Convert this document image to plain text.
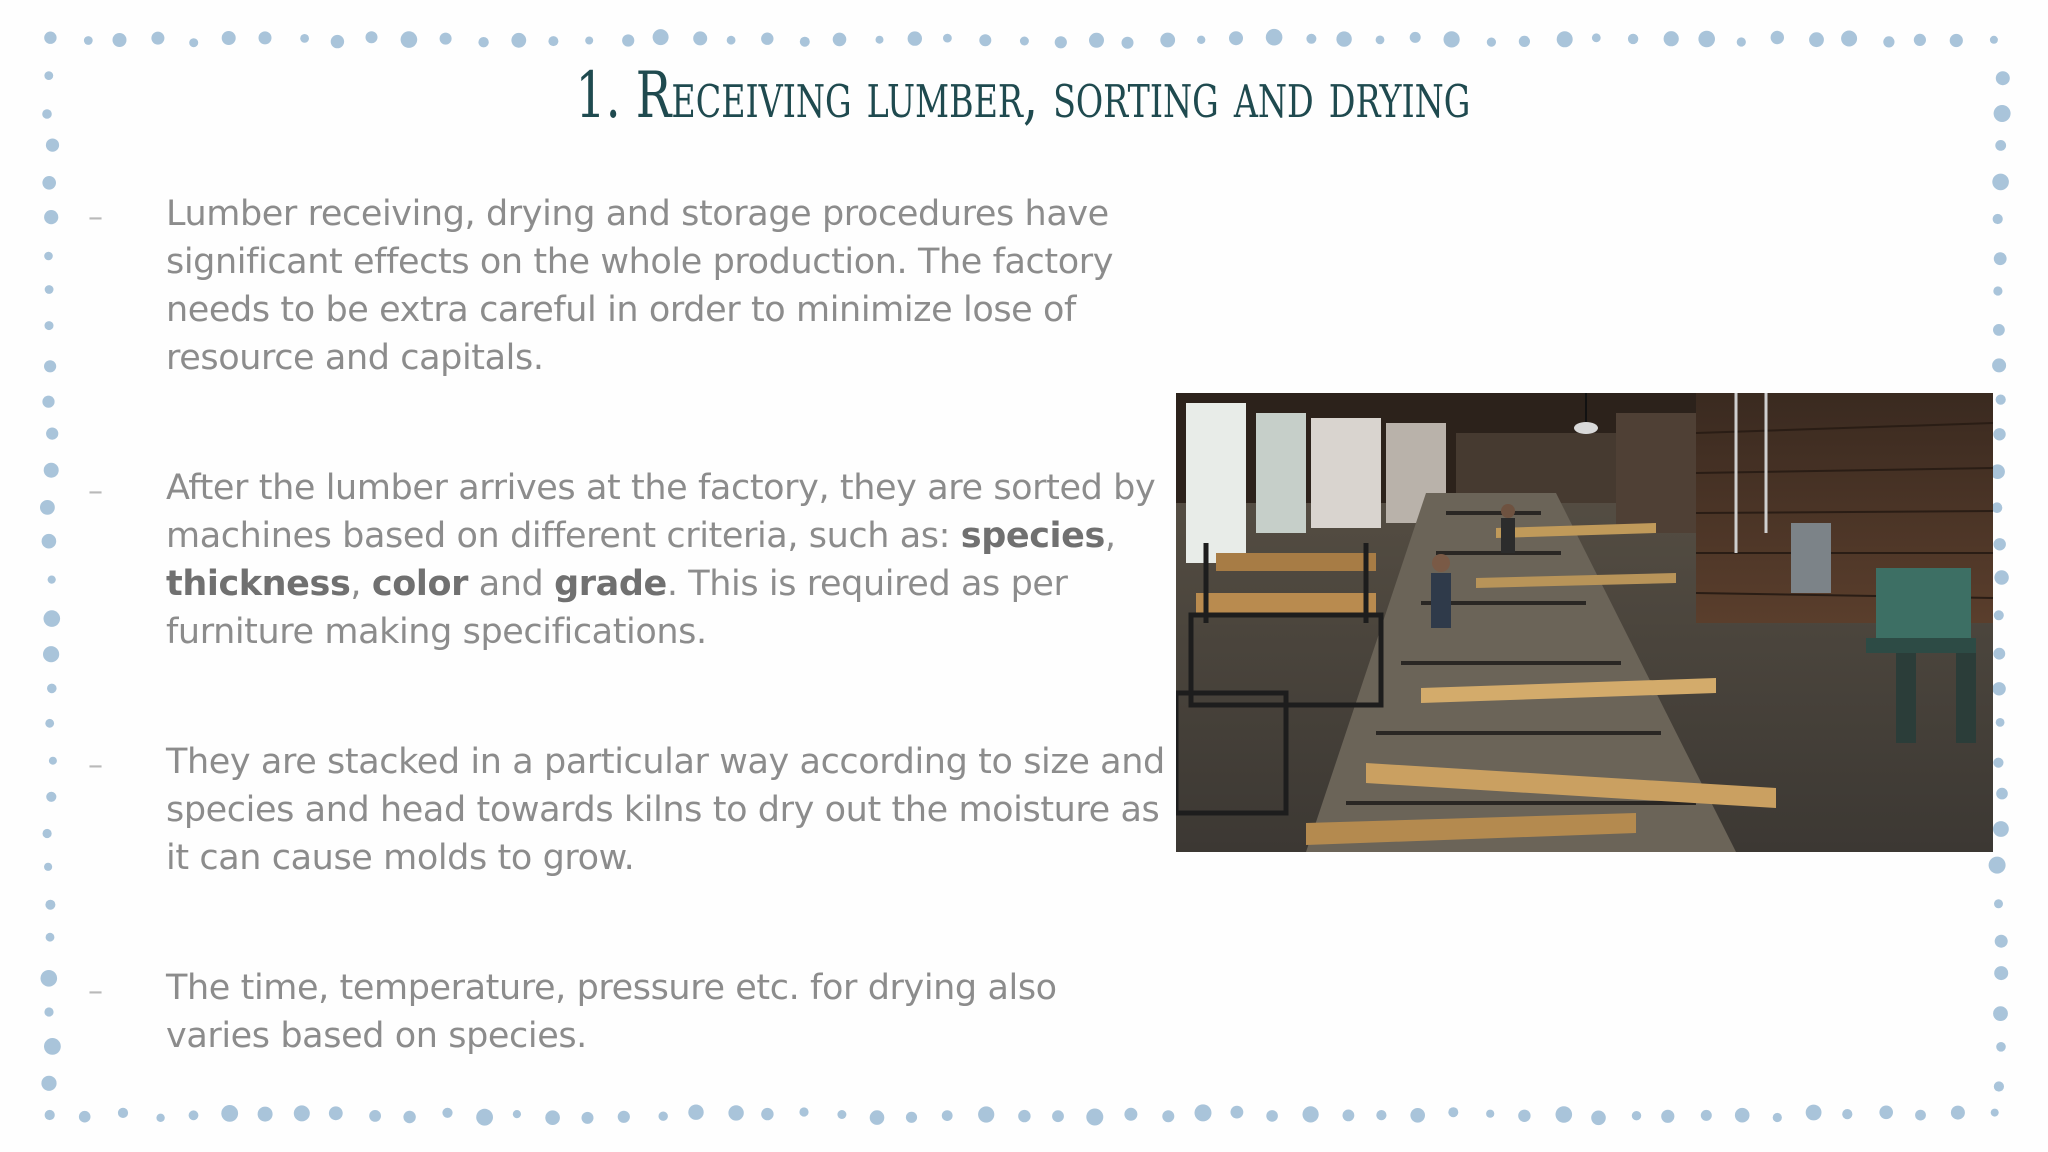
1. Receiving lumber, sorting and drying
– Lumber receiving, drying and storage procedures have significant effects on the whole production. The factory needs to be extra careful in order to minimize lose of resource and capitals.
– After the lumber arrives at the factory, they are sorted by machines based on different criteria, such as: species, thickness, color and grade. This is required as per furniture making specifications.
– They are stacked in a particular way according to size and species and head towards kilns to dry out the moisture as it can cause molds to grow.
– The time, temperature, pressure etc. for drying also varies based on species.
